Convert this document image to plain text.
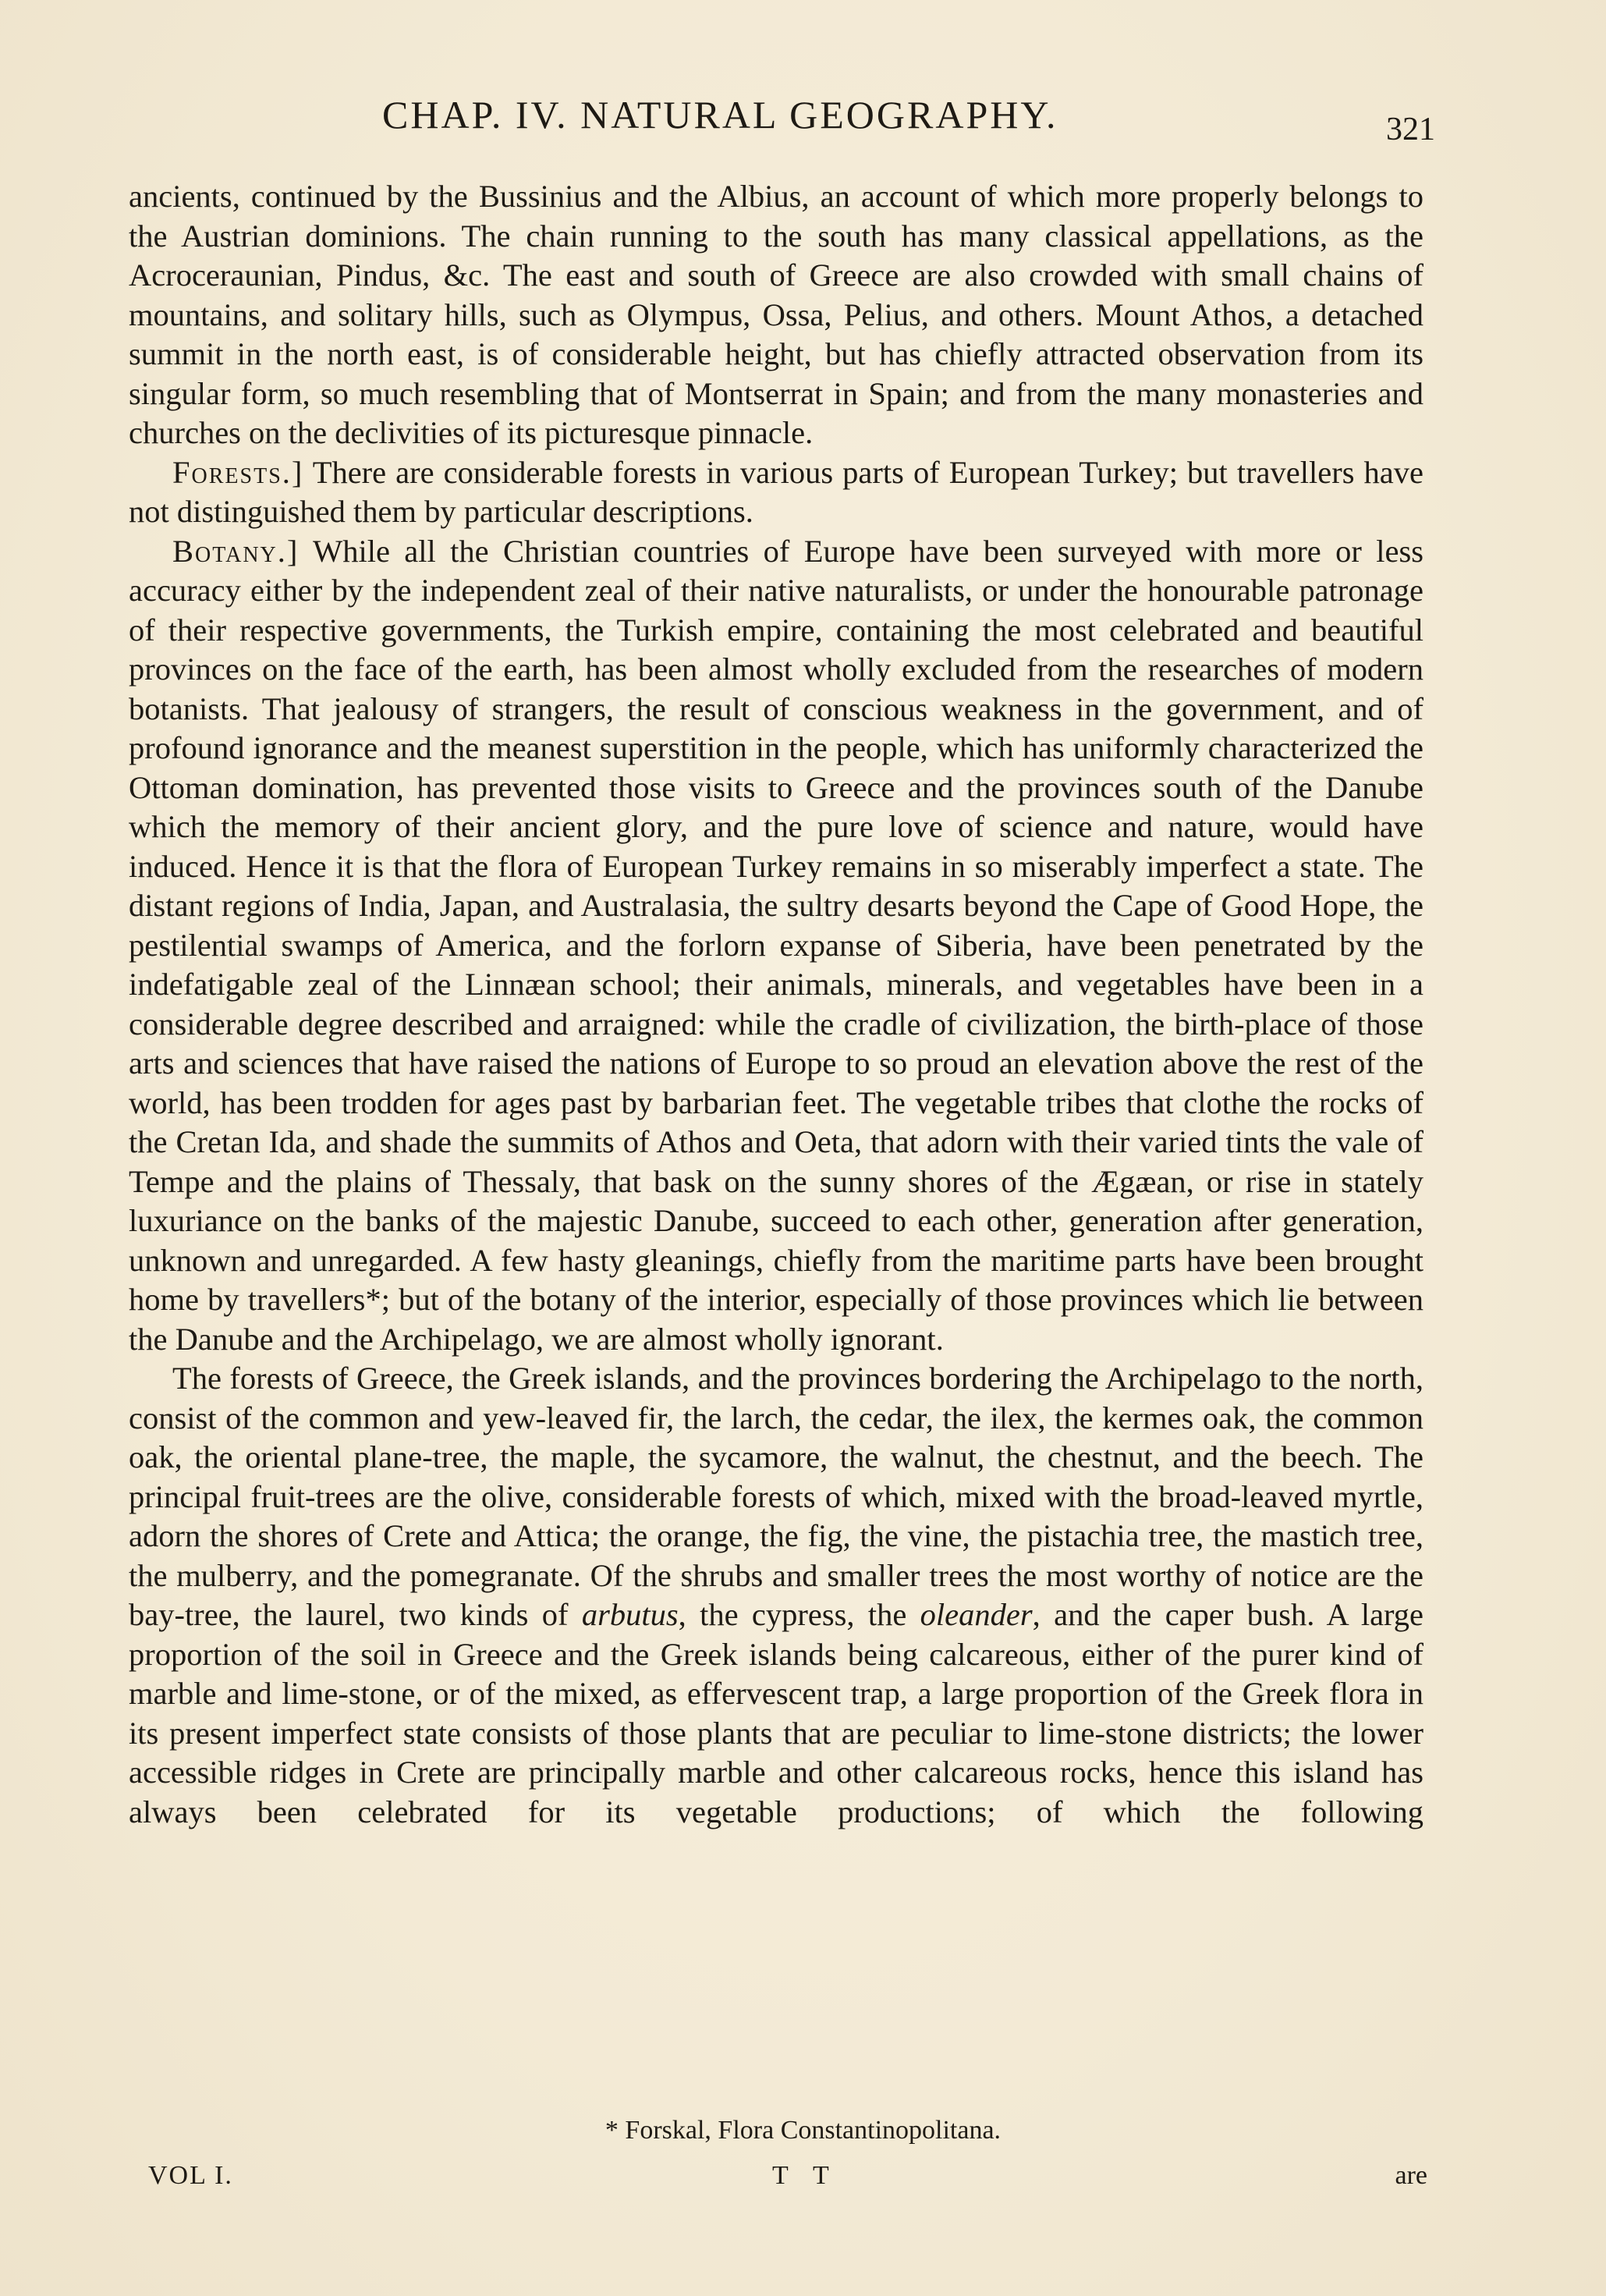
CHAP. IV. NATURAL GEOGRAPHY.	321

ancients, continued by the Bussinius and the Albius, an account of which more properly belongs to the Austrian dominions. The chain running to the south has many classical appellations, as the Acroceraunian, Pindus, &c. The east and south of Greece are also crowded with small chains of mountains, and solitary hills, such as Olympus, Ossa, Pelius, and others. Mount Athos, a detached summit in the north east, is of considerable height, but has chiefly attracted observation from its singular form, so much resembling that of Montserrat in Spain; and from the many monasteries and churches on the declivities of its picturesque pinnacle.

Forests.] There are considerable forests in various parts of European Turkey; but travellers have not distinguished them by particular descriptions.

Botany.] While all the Christian countries of Europe have been surveyed with more or less accuracy either by the independent zeal of their native naturalists, or under the honourable patronage of their respective governments, the Turkish empire, containing the most celebrated and beautiful provinces on the face of the earth, has been almost wholly excluded from the researches of modern botanists. That jealousy of strangers, the result of conscious weakness in the government, and of profound ignorance and the meanest superstition in the people, which has uniformly characterized the Ottoman domination, has prevented those visits to Greece and the provinces south of the Danube which the memory of their ancient glory, and the pure love of science and nature, would have induced. Hence it is that the flora of European Turkey remains in so miserably imperfect a state. The distant regions of India, Japan, and Australasia, the sultry desarts beyond the Cape of Good Hope, the pestilential swamps of America, and the forlorn expanse of Siberia, have been penetrated by the indefatigable zeal of the Linnæan school; their animals, minerals, and vegetables have been in a considerable degree described and arraigned: while the cradle of civilization, the birth-place of those arts and sciences that have raised the nations of Europe to so proud an elevation above the rest of the world, has been trodden for ages past by barbarian feet. The vegetable tribes that clothe the rocks of the Cretan Ida, and shade the summits of Athos and Oeta, that adorn with their varied tints the vale of Tempe and the plains of Thessaly, that bask on the sunny shores of the Ægæan, or rise in stately luxuriance on the banks of the majestic Danube, succeed to each other, generation after generation, unknown and unregarded. A few hasty gleanings, chiefly from the maritime parts have been brought home by travellers*; but of the botany of the interior, especially of those provinces which lie between the Danube and the Archipelago, we are almost wholly ignorant.

The forests of Greece, the Greek islands, and the provinces bordering the Archipelago to the north, consist of the common and yew-leaved fir, the larch, the cedar, the ilex, the kermes oak, the common oak, the oriental plane-tree, the maple, the sycamore, the walnut, the chestnut, and the beech. The principal fruit-trees are the olive, considerable forests of which, mixed with the broad-leaved myrtle, adorn the shores of Crete and Attica; the orange, the fig, the vine, the pistachia tree, the mastich tree, the mulberry, and the pomegranate. Of the shrubs and smaller trees the most worthy of notice are the bay-tree, the laurel, two kinds of arbutus, the cypress, the oleander, and the caper bush. A large proportion of the soil in Greece and the Greek islands being calcareous, either of the purer kind of marble and lime-stone, or of the mixed, as effervescent trap, a large proportion of the Greek flora in its present imperfect state consists of those plants that are peculiar to lime-stone districts; the lower accessible ridges in Crete are principally marble and other calcareous rocks, hence this island has always been celebrated for its vegetable productions; of which the following

* Forskal, Flora Constantinopolitana.
VOL I.	T T	are
